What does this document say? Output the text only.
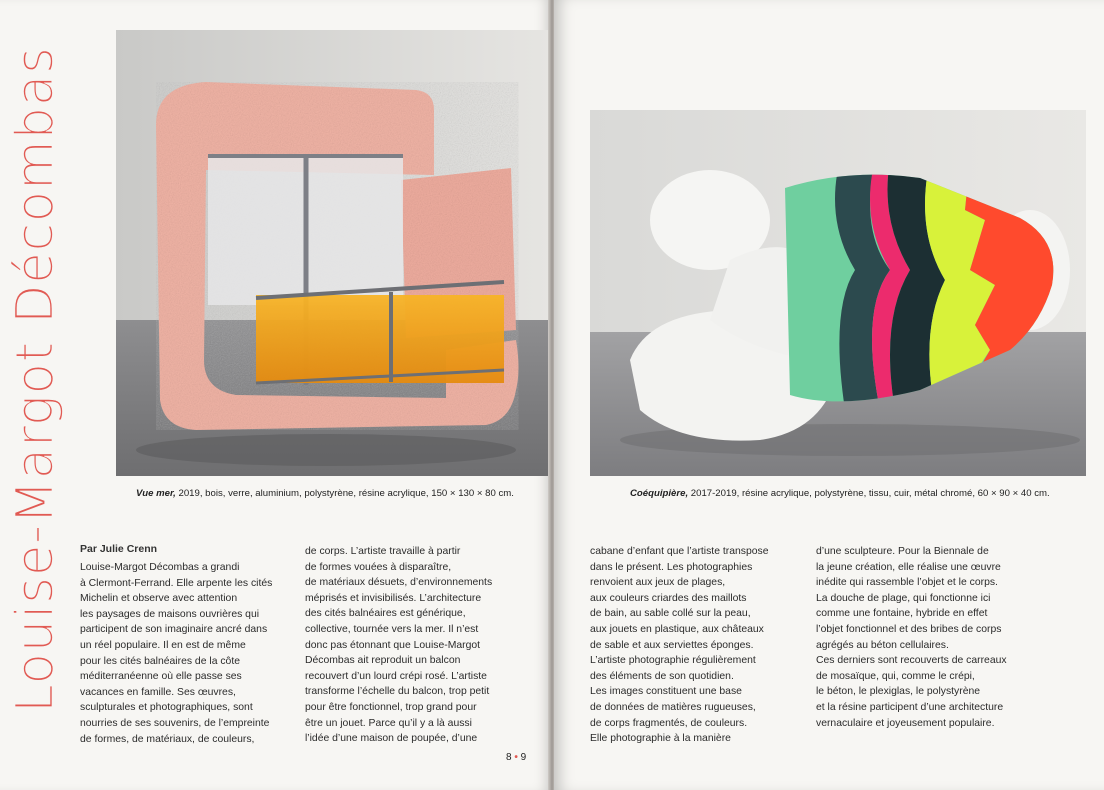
Louise-Margot Décombas	Vue mer, 2019, bois, verre, aluminium, polystyrène, résine acrylique, 150 × 130 × 80 cm.
Par Julie Crenn
Louise-Margot Décombas a grandi
à Clermont-Ferrand. Elle arpente les cités
Michelin et observe avec attention
les paysages de maisons ouvrières qui
participent de son imaginaire ancré dans
un réel populaire. Il en est de même
pour les cités balnéaires de la côte
méditerranéenne où elle passe ses
vacances en famille. Ses œuvres,
sculpturales et photographiques, sont
nourries de ses souvenirs, de l’empreinte
de formes, de matériaux, de couleurs,
de corps. L’artiste travaille à partir
de formes vouées à disparaître,
de matériaux désuets, d’environnements
méprisés et invisibilisés. L’architecture
des cités balnéaires est générique,
collective, tournée vers la mer. Il n’est
donc pas étonnant que Louise-Margot
Décombas ait reproduit un balcon
recouvert d’un lourd crépi rosé. L’artiste
transforme l’échelle du balcon, trop petit
pour être fonctionnel, trop grand pour
être un jouet. Parce qu’il y a là aussi
l’idée d’une maison de poupée, d’une
8 • 9
Coéquipière, 2017-2019, résine acrylique, polystyrène, tissu, cuir, métal chromé, 60 × 90 × 40 cm.
cabane d’enfant que l’artiste transpose
dans le présent. Les photographies
renvoient aux jeux de plages,
aux couleurs criardes des maillots
de bain, au sable collé sur la peau,
aux jouets en plastique, aux châteaux
de sable et aux serviettes éponges.
L’artiste photographie régulièrement
des éléments de son quotidien.
Les images constituent une base
de données de matières rugueuses,
de corps fragmentés, de couleurs.
Elle photographie à la manière
d’une sculpteure. Pour la Biennale de
la jeune création, elle réalise une œuvre
inédite qui rassemble l’objet et le corps.
La douche de plage, qui fonctionne ici
comme une fontaine, hybride en effet
l’objet fonctionnel et des bribes de corps
agrégés au béton cellulaires.
Ces derniers sont recouverts de carreaux
de mosaïque, qui, comme le crépi,
le béton, le plexiglas, le polystyrène
et la résine participent d’une architecture
vernaculaire et joyeusement populaire.
